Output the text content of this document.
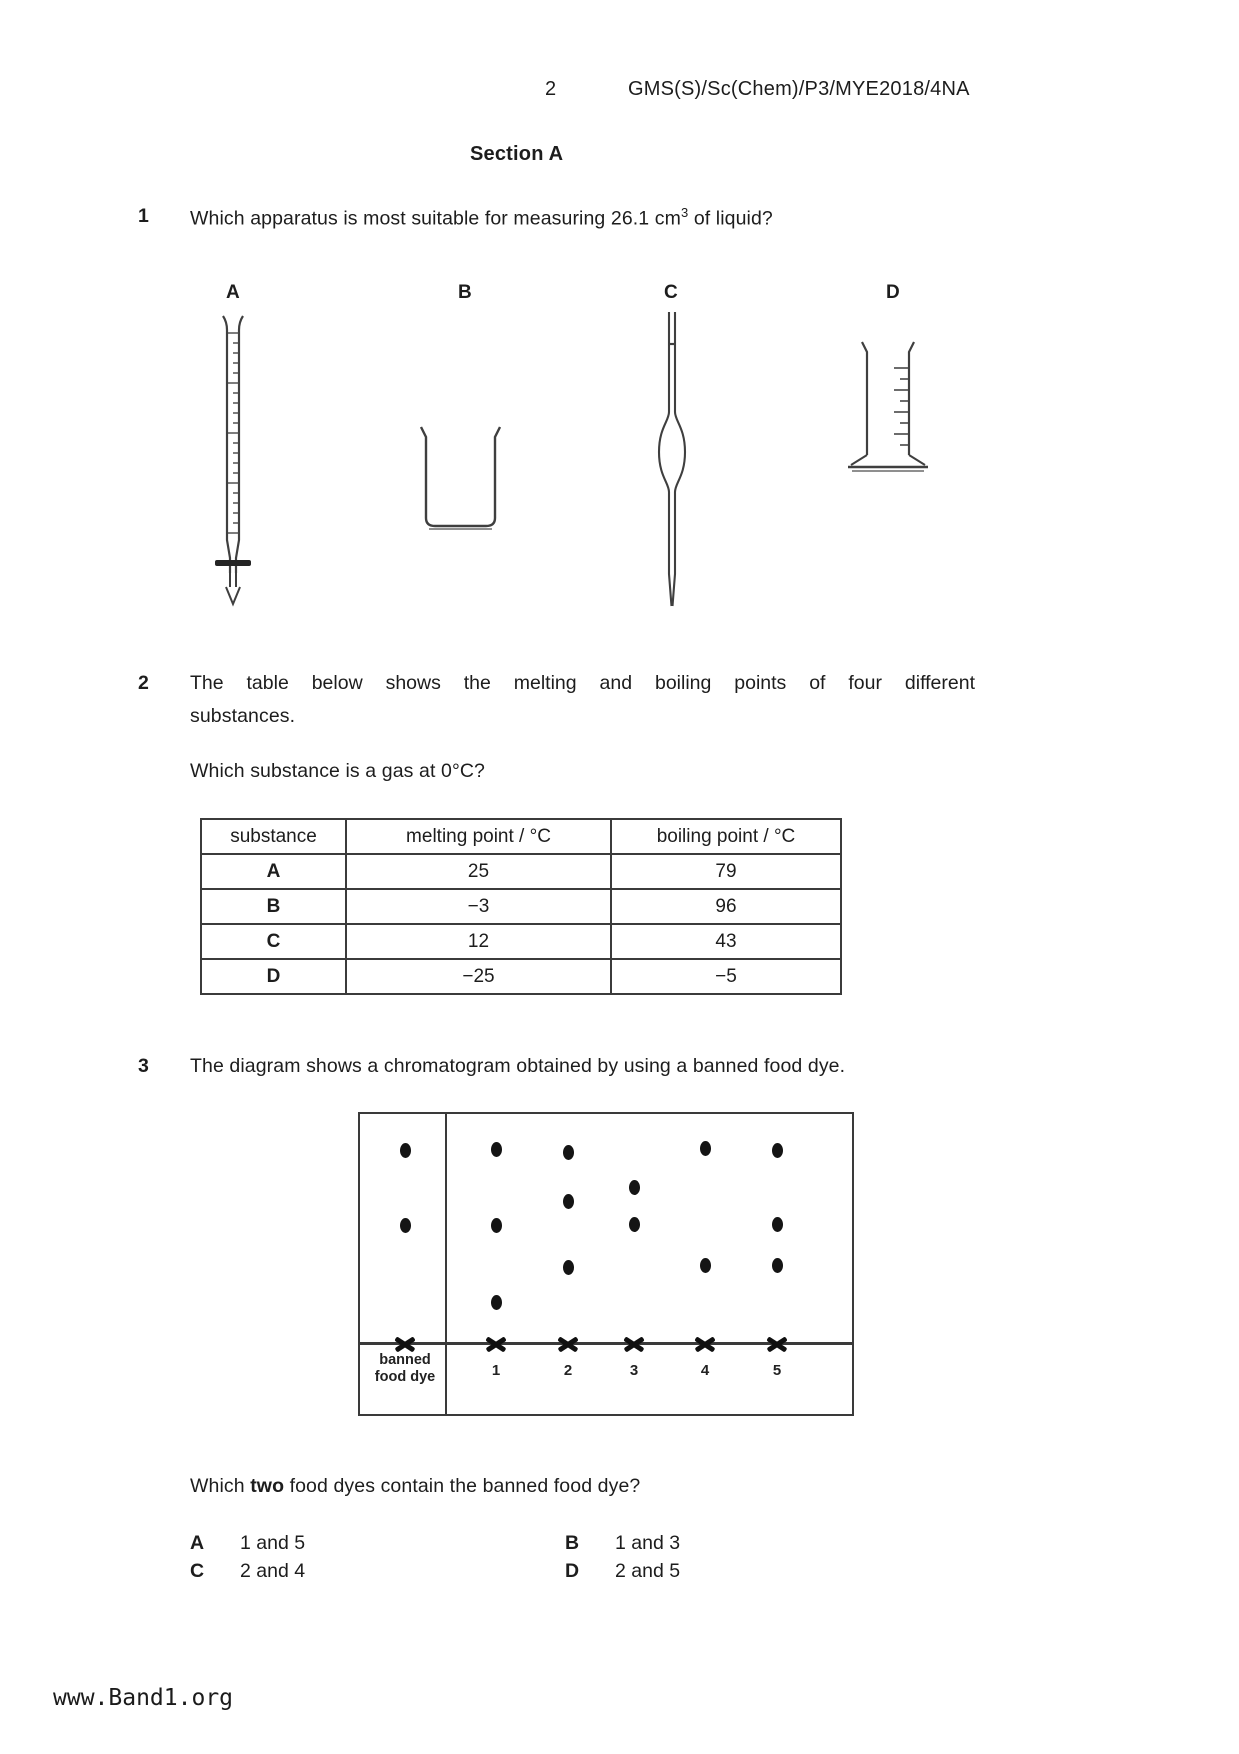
2	GMS(S)/Sc(Chem)/P3/MYE2018/4NA
Section A
1 Which apparatus is most suitable for measuring 26.1 $cm^3$ of liquid?
A	B	C	D
2 The table below shows the melting and boiling points of four different
substances.
Which substance is a gas at 0°C?
substance	melting point / °C	boiling point / °C
A	25	79
B	−3	96
C	12	43
D	−25	−5
3 The diagram shows a chromatogram obtained by using a banned food dye.
banned
food dye	1	2	3	4	5
Which two food dyes contain the banned food dye?
A 1 and 5	B 1 and 3
C 2 and 4	D 2 and 5
www.Band1.org
